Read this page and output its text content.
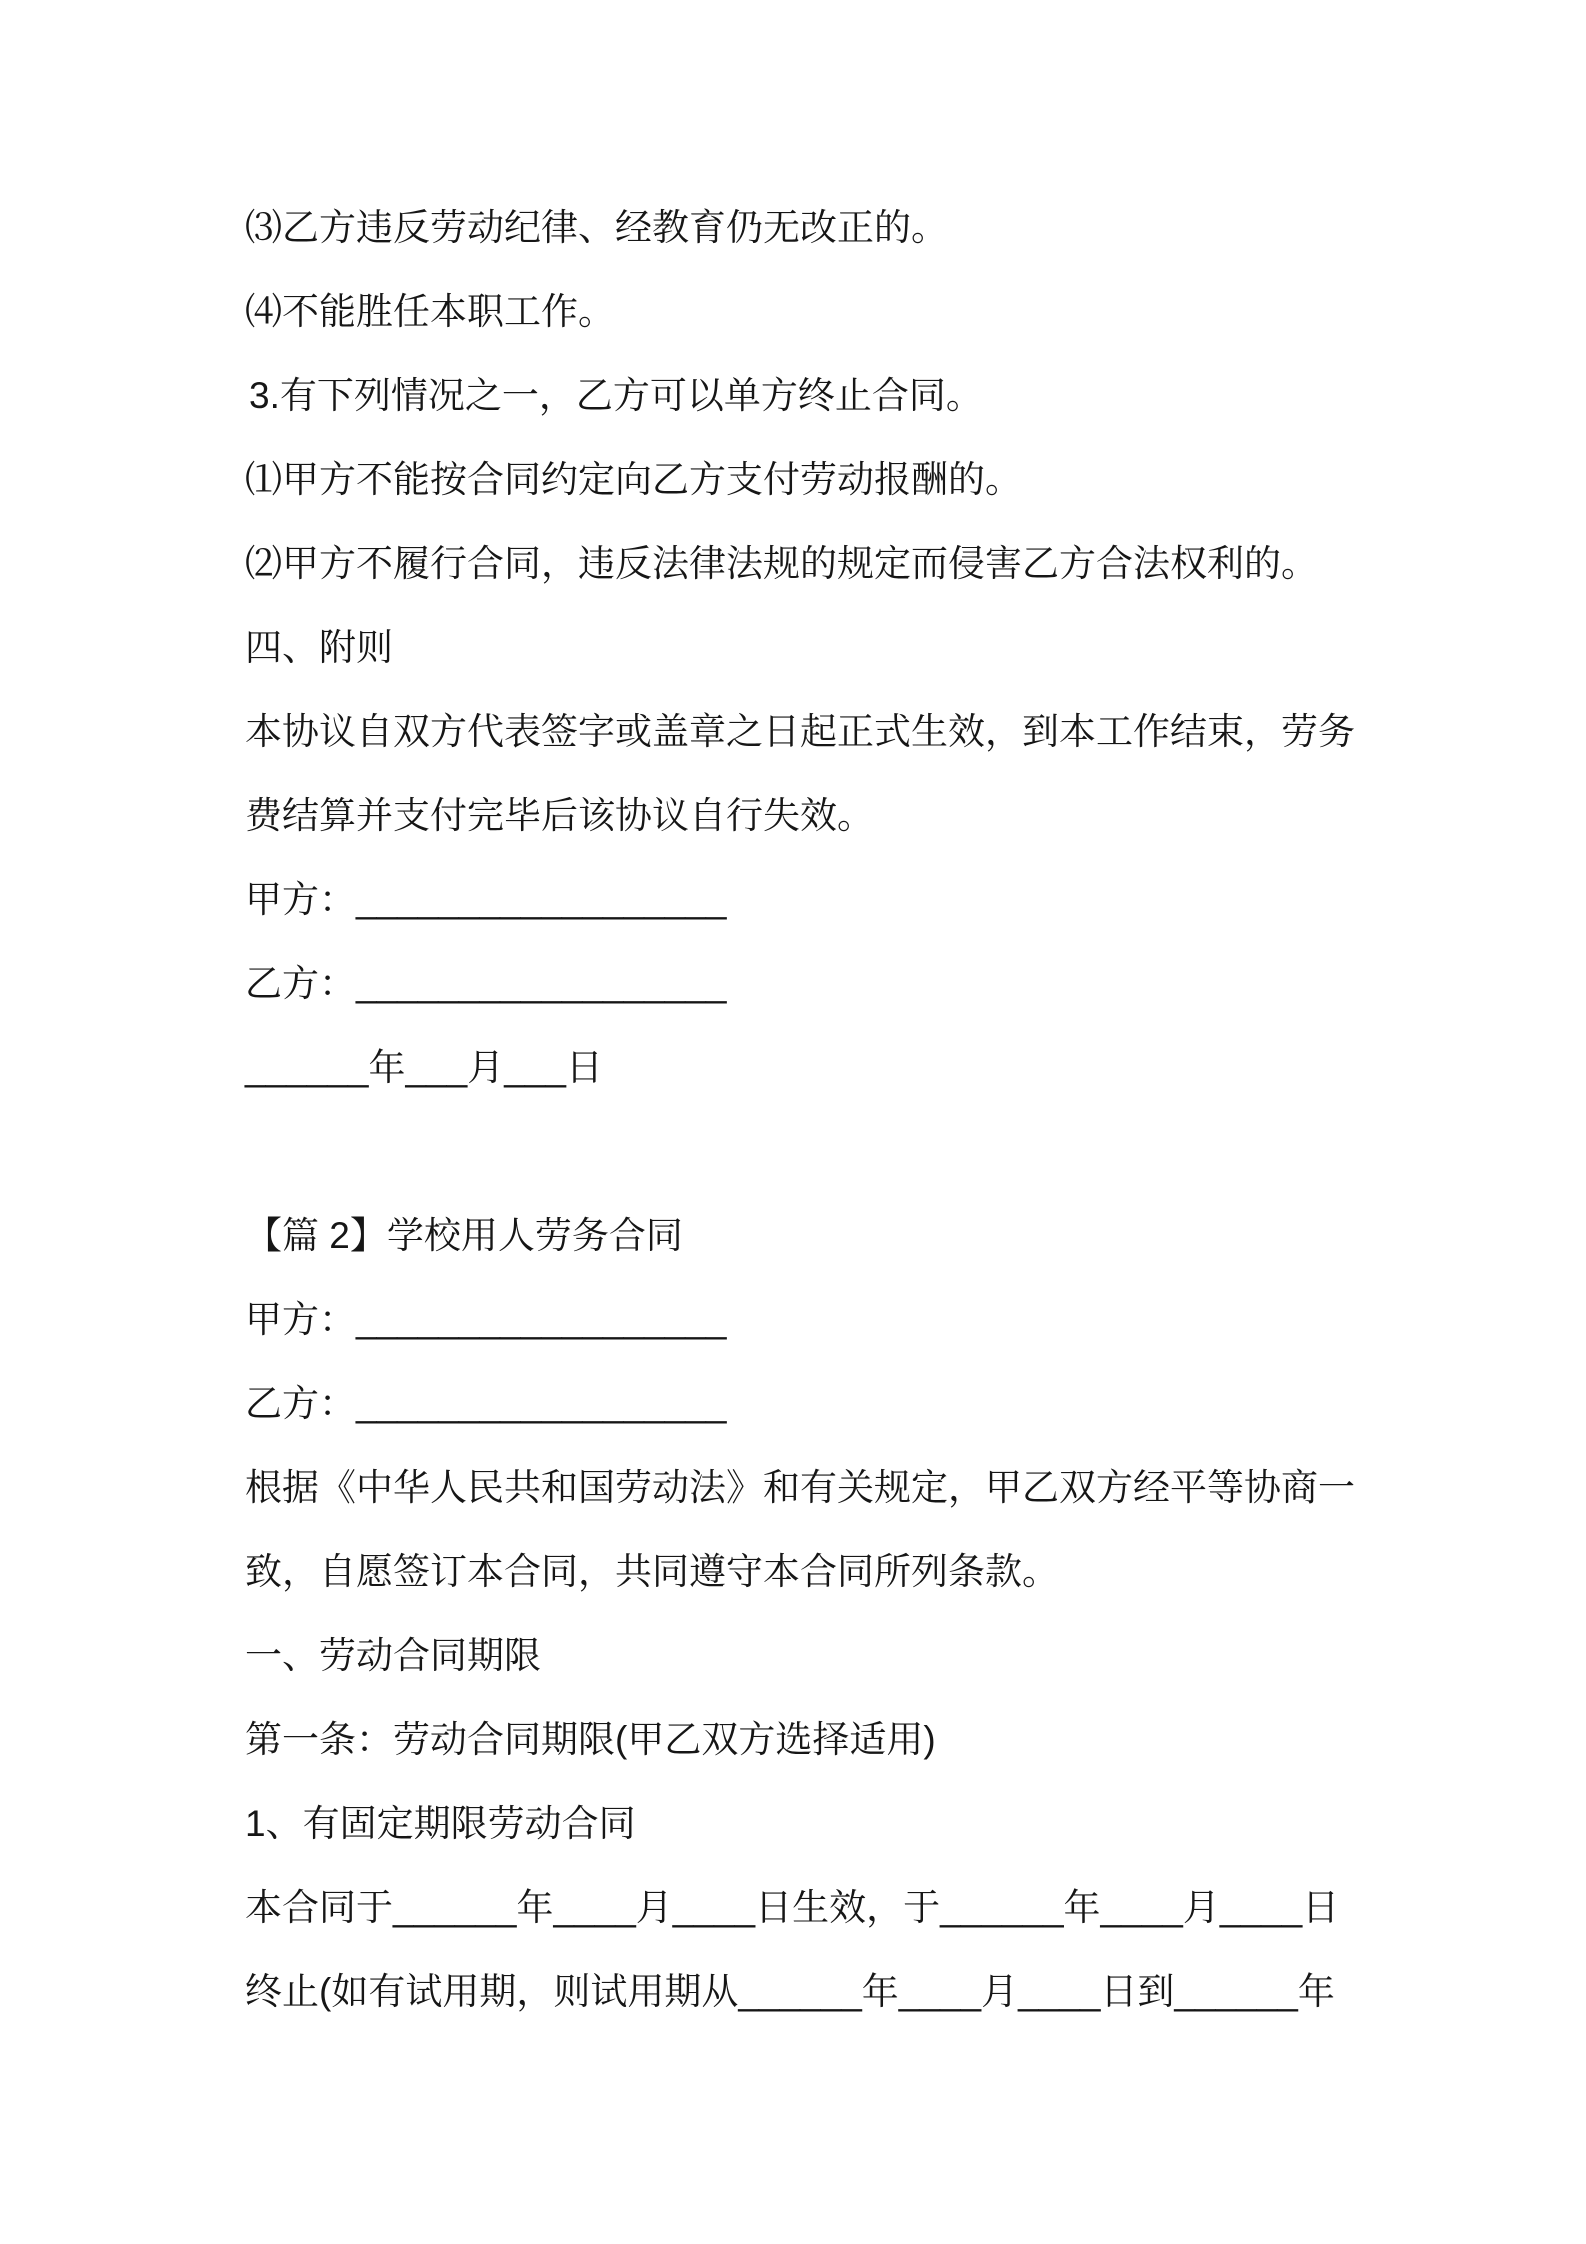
⑶乙方违反劳动纪律、经教育仍无改正的。
⑷不能胜任本职工作。
3.有下列情况之一，乙方可以单方终止合同。
⑴甲方不能按合同约定向乙方支付劳动报酬的。
⑵甲方不履行合同，违反法律法规的规定而侵害乙方合法权利的。
四、附则
本协议自双方代表签字或盖章之日起正式生效，到本工作结束，劳务
费结算并支付完毕后该协议自行失效。
甲方：__________________
乙方：__________________
______年___月___日
【篇 2】学校用人劳务合同
甲方：__________________
乙方：__________________
根据《中华人民共和国劳动法》和有关规定，甲乙双方经平等协商一
致，自愿签订本合同，共同遵守本合同所列条款。
一、劳动合同期限
第一条：劳动合同期限(甲乙双方选择适用)
1、有固定期限劳动合同
本合同于______年____月____日生效，于______年____月____日
终止(如有试用期，则试用期从______年____月____日到______年
